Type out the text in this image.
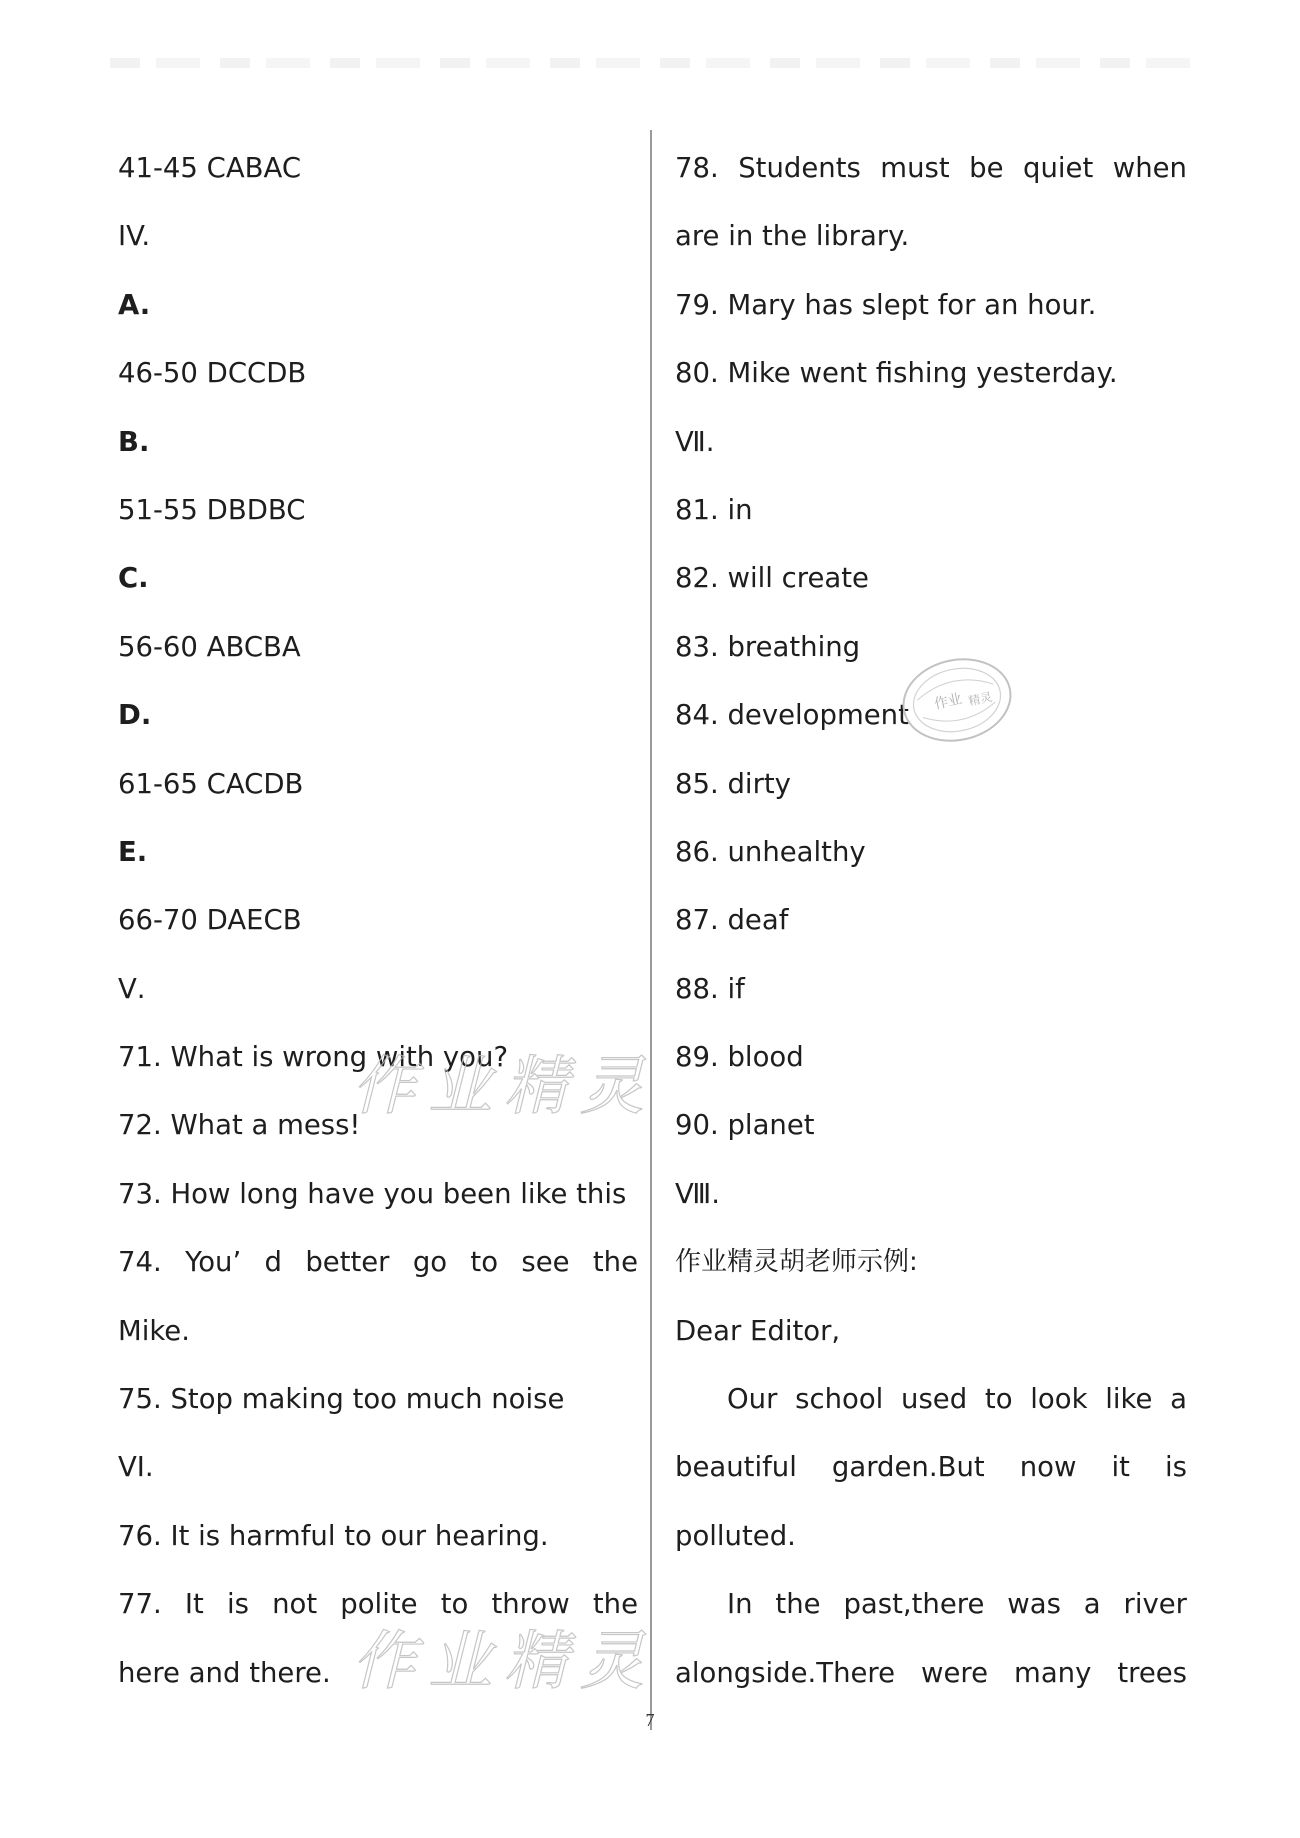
41-45 CABAC
IV.
A.
46-50 DCCDB
B.
51-55 DBDBC
C.
56-60 ABCBA
D.
61-65 CACDB
E.
66-70 DAECB
Ⅴ.
71. What is wrong with you?
72. What a mess!
73. How long have you been like this
74. You’ d better go to see the
Mike.
75. Stop making too much noise
VI.
76. It is harmful to our hearing.
77. It is not polite to throw the
here and there.
78. Students must be quiet when
are in the library.
79. Mary has slept for an hour.
80. Mike went fishing yesterday.
Ⅶ.
81. in
82. will create
83. breathing
84. development
85. dirty
86. unhealthy
87. deaf
88. if
89. blood
90. planet
Ⅷ.
作业精灵胡老师示例:
Dear Editor,
Our school used to look like a
beautiful garden.But now it is
polluted.
In the past,there was a river
alongside.There were many trees
作业精灵
作业精灵
作业 精灵
7
